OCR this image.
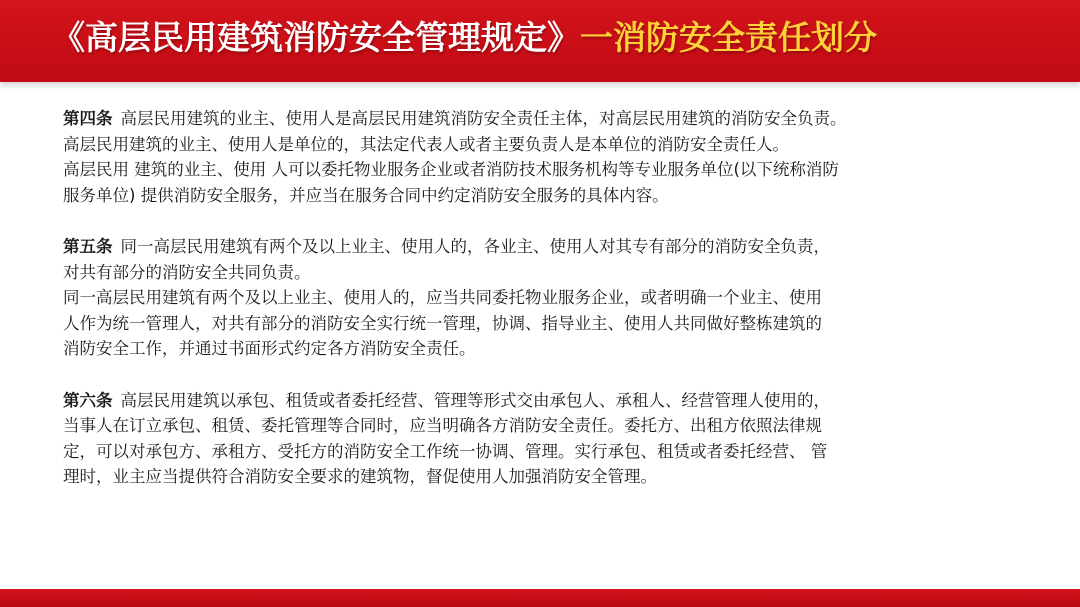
《高层民用建筑消防安全管理规定》一消防安全责任划分
第四条 高层民用建筑的业主、使用人是高层民用建筑消防安全责任主体，对高层民用建筑的消防安全负责。
高层民用建筑的业主、使用人是单位的，其法定代表人或者主要负责人是本单位的消防安全责任人。
高层民用 建筑的业主、使用 人可以委托物业服务企业或者消防技术服务机构等专业服务单位(以下统称消防
服务单位) 提供消防安全服务，并应当在服务合同中约定消防安全服务的具体内容。
第五条 同一高层民用建筑有两个及以上业主、使用人的，各业主、使用人对其专有部分的消防安全负责，
对共有部分的消防安全共同负责。
同一高层民用建筑有两个及以上业主、使用人的，应当共同委托物业服务企业，或者明确一个业主、使用
人作为统一管理人，对共有部分的消防安全实行统一管理，协调、指导业主、使用人共同做好整栋建筑的
消防安全工作，并通过书面形式约定各方消防安全责任。
第六条 高层民用建筑以承包、租赁或者委托经营、管理等形式交由承包人、承租人、经营管理人使用的，
当事人在订立承包、租赁、委托管理等合同时，应当明确各方消防安全责任。委托方、出租方依照法律规
定，可以对承包方、承租方、受托方的消防安全工作统一协调、管理。实行承包、租赁或者委托经营、 管
理时，业主应当提供符合消防安全要求的建筑物，督促使用人加强消防安全管理。
